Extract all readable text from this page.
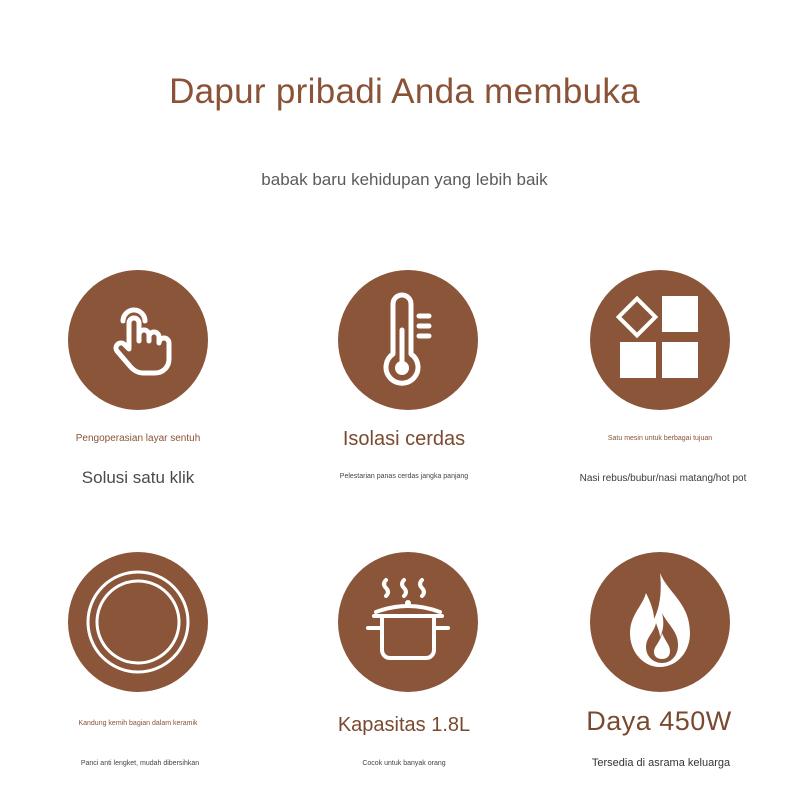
Dapur pribadi Anda membuka
babak baru kehidupan yang lebih baik
Pengoperasian layar sentuh
Solusi satu klik
Isolasi cerdas
Pelestarian panas cerdas jangka panjang
Satu mesin untuk berbagai tujuan
Nasi rebus/bubur/nasi matang/hot pot
Kandung kemih bagian dalam keramik
Panci anti lengket, mudah dibersihkan
Kapasitas 1.8L
Cocok untuk banyak orang
Daya 450W
Tersedia di asrama keluarga
